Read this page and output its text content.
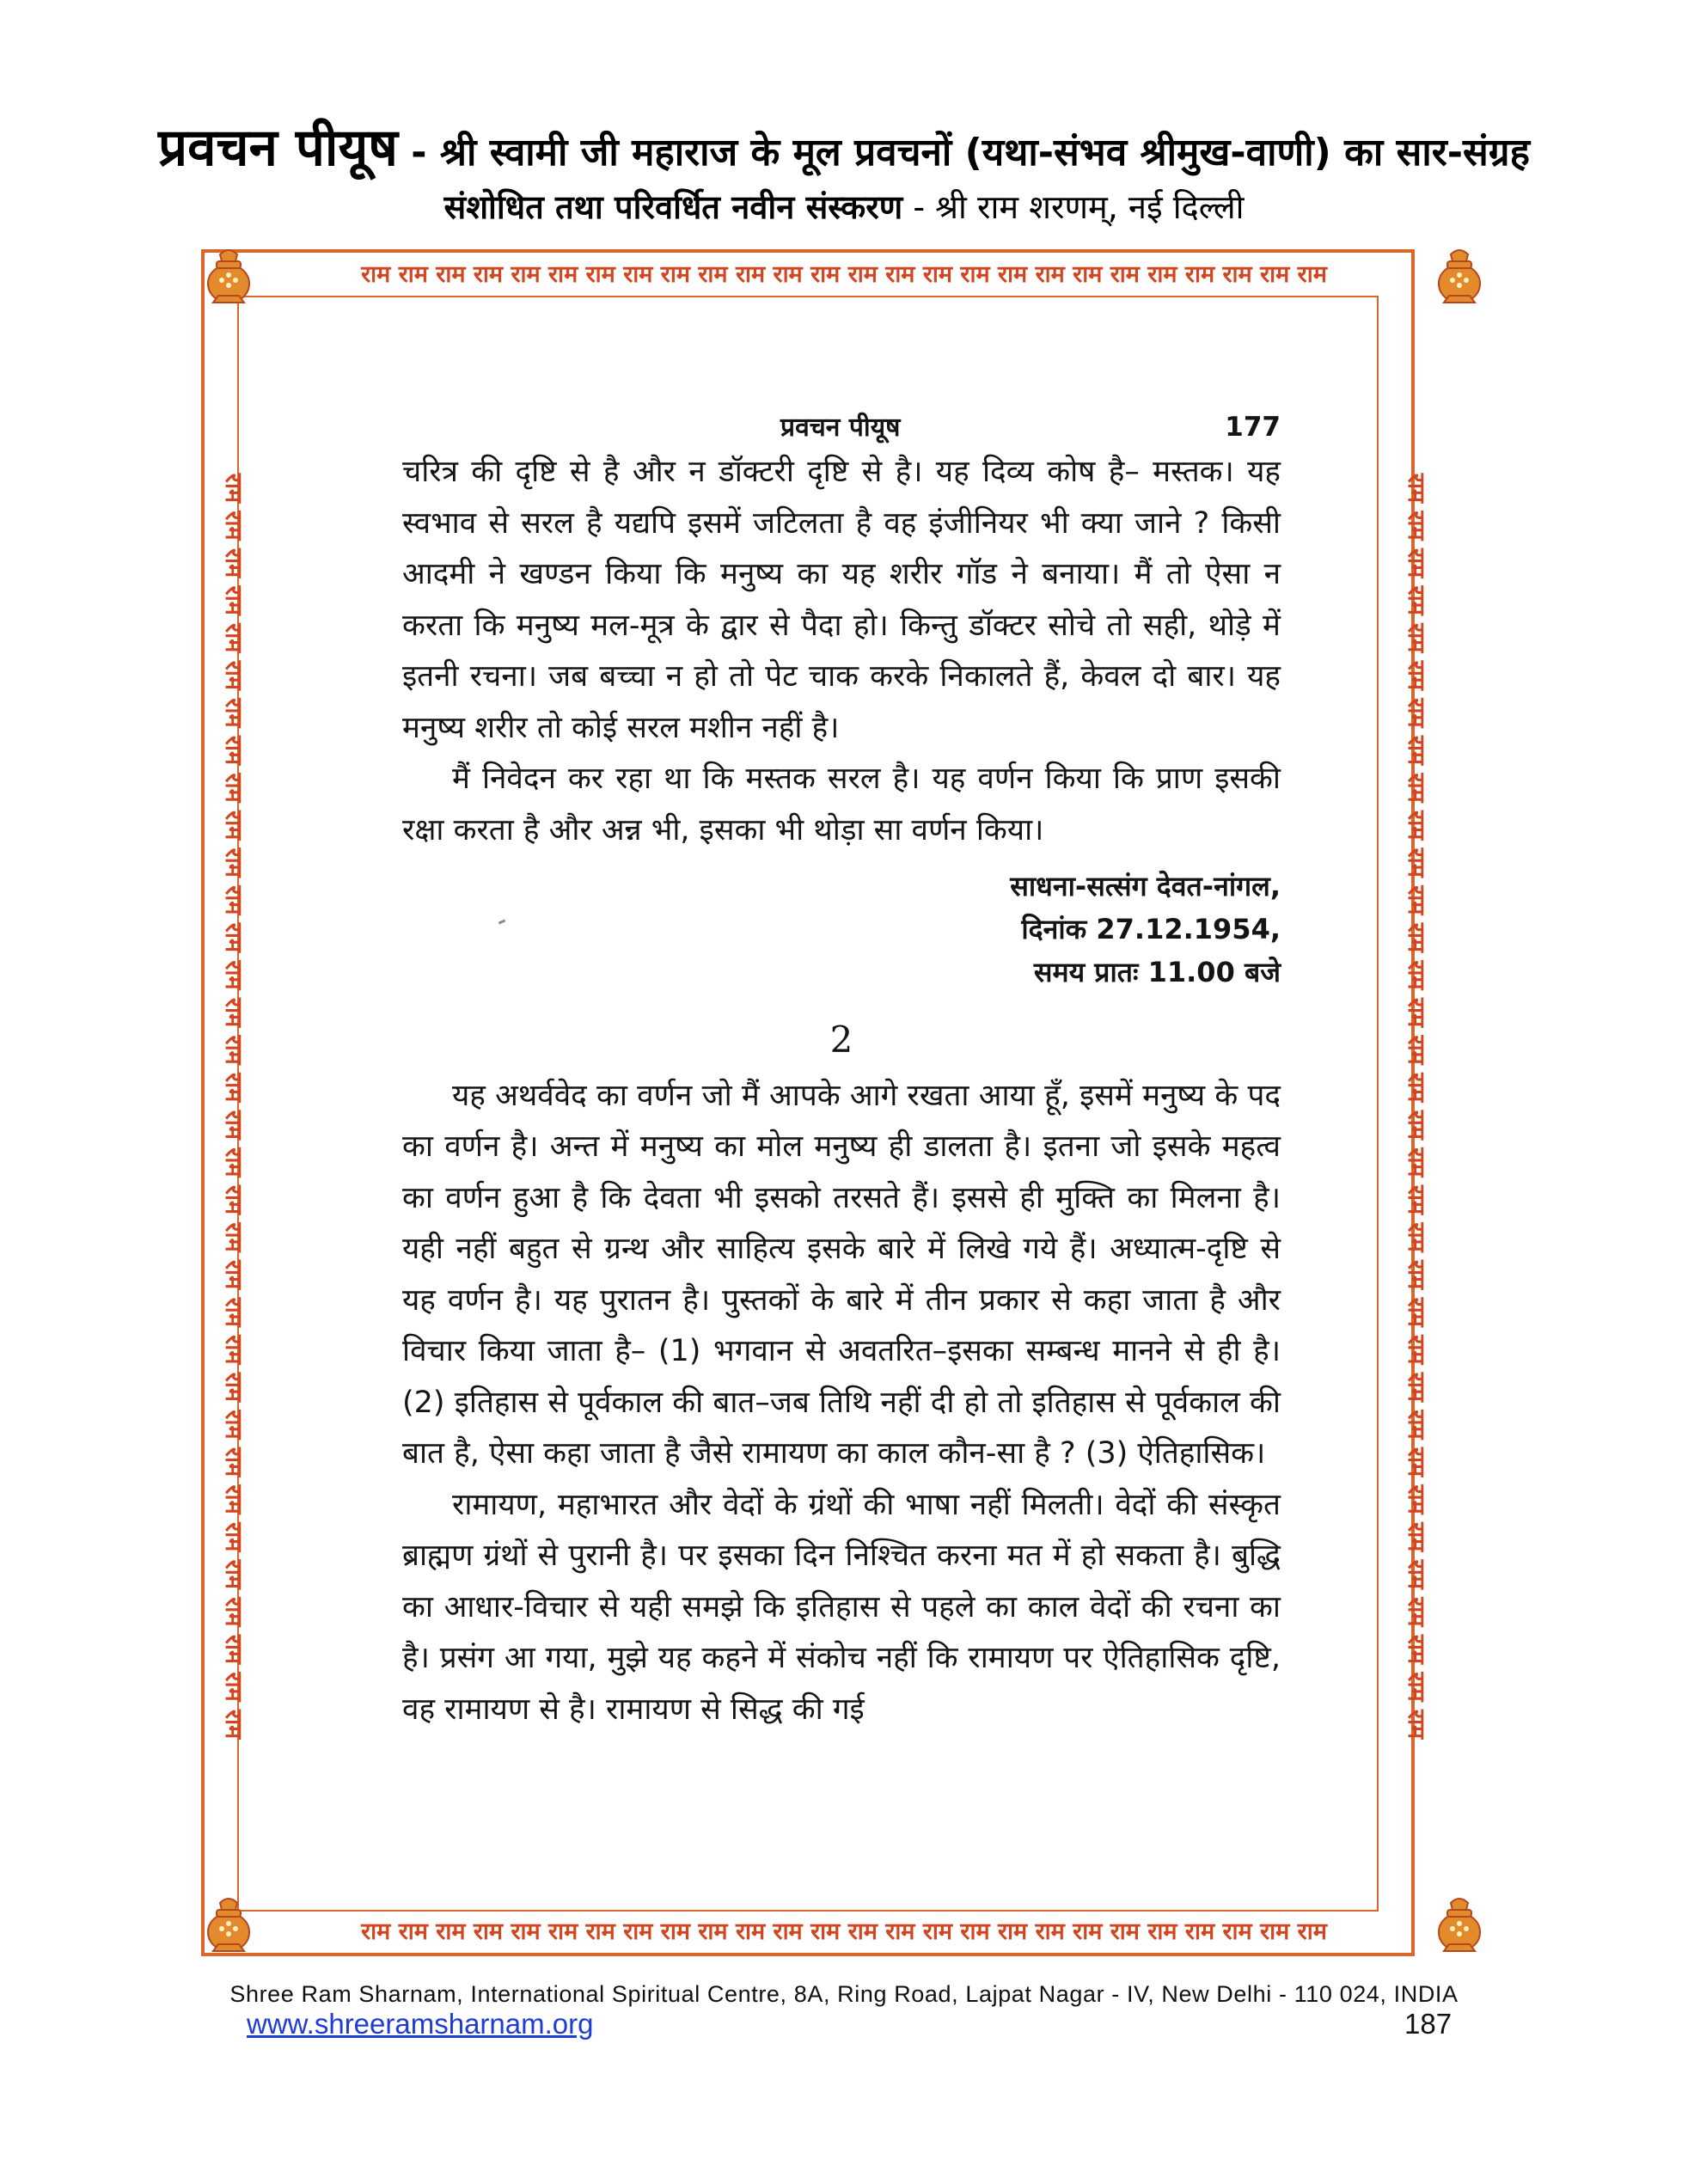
प्रवचन पीयूष - श्री स्वामी जी महाराज के मूल प्रवचनों (यथा-संभव श्रीमुख-वाणी) का सार-संग्रह
संशोधित तथा परिवर्धित नवीन संस्करण - श्री राम शरणम्, नई दिल्ली
राम राम राम राम राम राम राम राम राम राम राम राम राम राम राम राम राम राम राम राम राम राम राम राम राम राम
राम राम राम राम राम राम राम राम राम राम राम राम राम राम राम राम राम राम राम राम राम राम राम राम राम राम
राम राम राम राम राम राम राम राम राम राम राम राम राम राम राम राम राम राम राम राम राम राम राम राम राम राम राम राम राम राम राम राम राम राम	राम राम राम राम राम राम राम राम राम राम राम राम राम राम राम राम राम राम राम राम राम राम राम राम राम राम राम राम राम राम राम राम राम राम
प्रवचन पीयूष	177

चरित्र की दृष्टि से है और न डॉक्टरी दृष्टि से है। यह दिव्य कोष है– मस्तक। यह स्वभाव से सरल है यद्यपि इसमें जटिलता है वह इंजीनियर भी क्या जाने ? किसी आदमी ने खण्डन किया कि मनुष्य का यह शरीर गॉड ने बनाया। मैं तो ऐसा न करता कि मनुष्य मल-मूत्र के द्वार से पैदा हो। किन्तु डॉक्टर सोचे तो सही, थोड़े में इतनी रचना। जब बच्चा न हो तो पेट चाक करके निकालते हैं, केवल दो बार। यह मनुष्य शरीर तो कोई सरल मशीन नहीं है।

मैं निवेदन कर रहा था कि मस्तक सरल है। यह वर्णन किया कि प्राण इसकी रक्षा करता है और अन्न भी, इसका भी थोड़ा सा वर्णन किया।

साधना-सत्संग देवत-नांगल,
दिनांक 27.12.1954,
समय प्रातः 11.00 बजे
2

यह अथर्ववेद का वर्णन जो मैं आपके आगे रखता आया हूँ, इसमें मनुष्य के पद का वर्णन है। अन्त में मनुष्य का मोल मनुष्य ही डालता है। इतना जो इसके महत्व का वर्णन हुआ है कि देवता भी इसको तरसते हैं। इससे ही मुक्ति का मिलना है। यही नहीं बहुत से ग्रन्थ और साहित्य इसके बारे में लिखे गये हैं। अध्यात्म-दृष्टि से यह वर्णन है। यह पुरातन है। पुस्तकों के बारे में तीन प्रकार से कहा जाता है और विचार किया जाता है– (1) भगवान से अवतरित–इसका सम्बन्ध मानने से ही है। (2) इतिहास से पूर्वकाल की बात–जब तिथि नहीं दी हो तो इतिहास से पूर्वकाल की बात है, ऐसा कहा जाता है जैसे रामायण का काल कौन-सा है ? (3) ऐतिहासिक।

रामायण, महाभारत और वेदों के ग्रंथों की भाषा नहीं मिलती। वेदों की संस्कृत ब्राह्मण ग्रंथों से पुरानी है। पर इसका दिन निश्चित करना मत में हो सकता है। बुद्धि का आधार-विचार से यही समझे कि इतिहास से पहले का काल वेदों की रचना का है। प्रसंग आ गया, मुझे यह कहने में संकोच नहीं कि रामायण पर ऐतिहासिक दृष्टि, वह रामायण से है। रामायण से सिद्ध की गई

Shree Ram Sharnam, International Spiritual Centre, 8A, Ring Road, Lajpat Nagar - IV, New Delhi - 110 024, INDIA
www.shreeramsharnam.org	187
